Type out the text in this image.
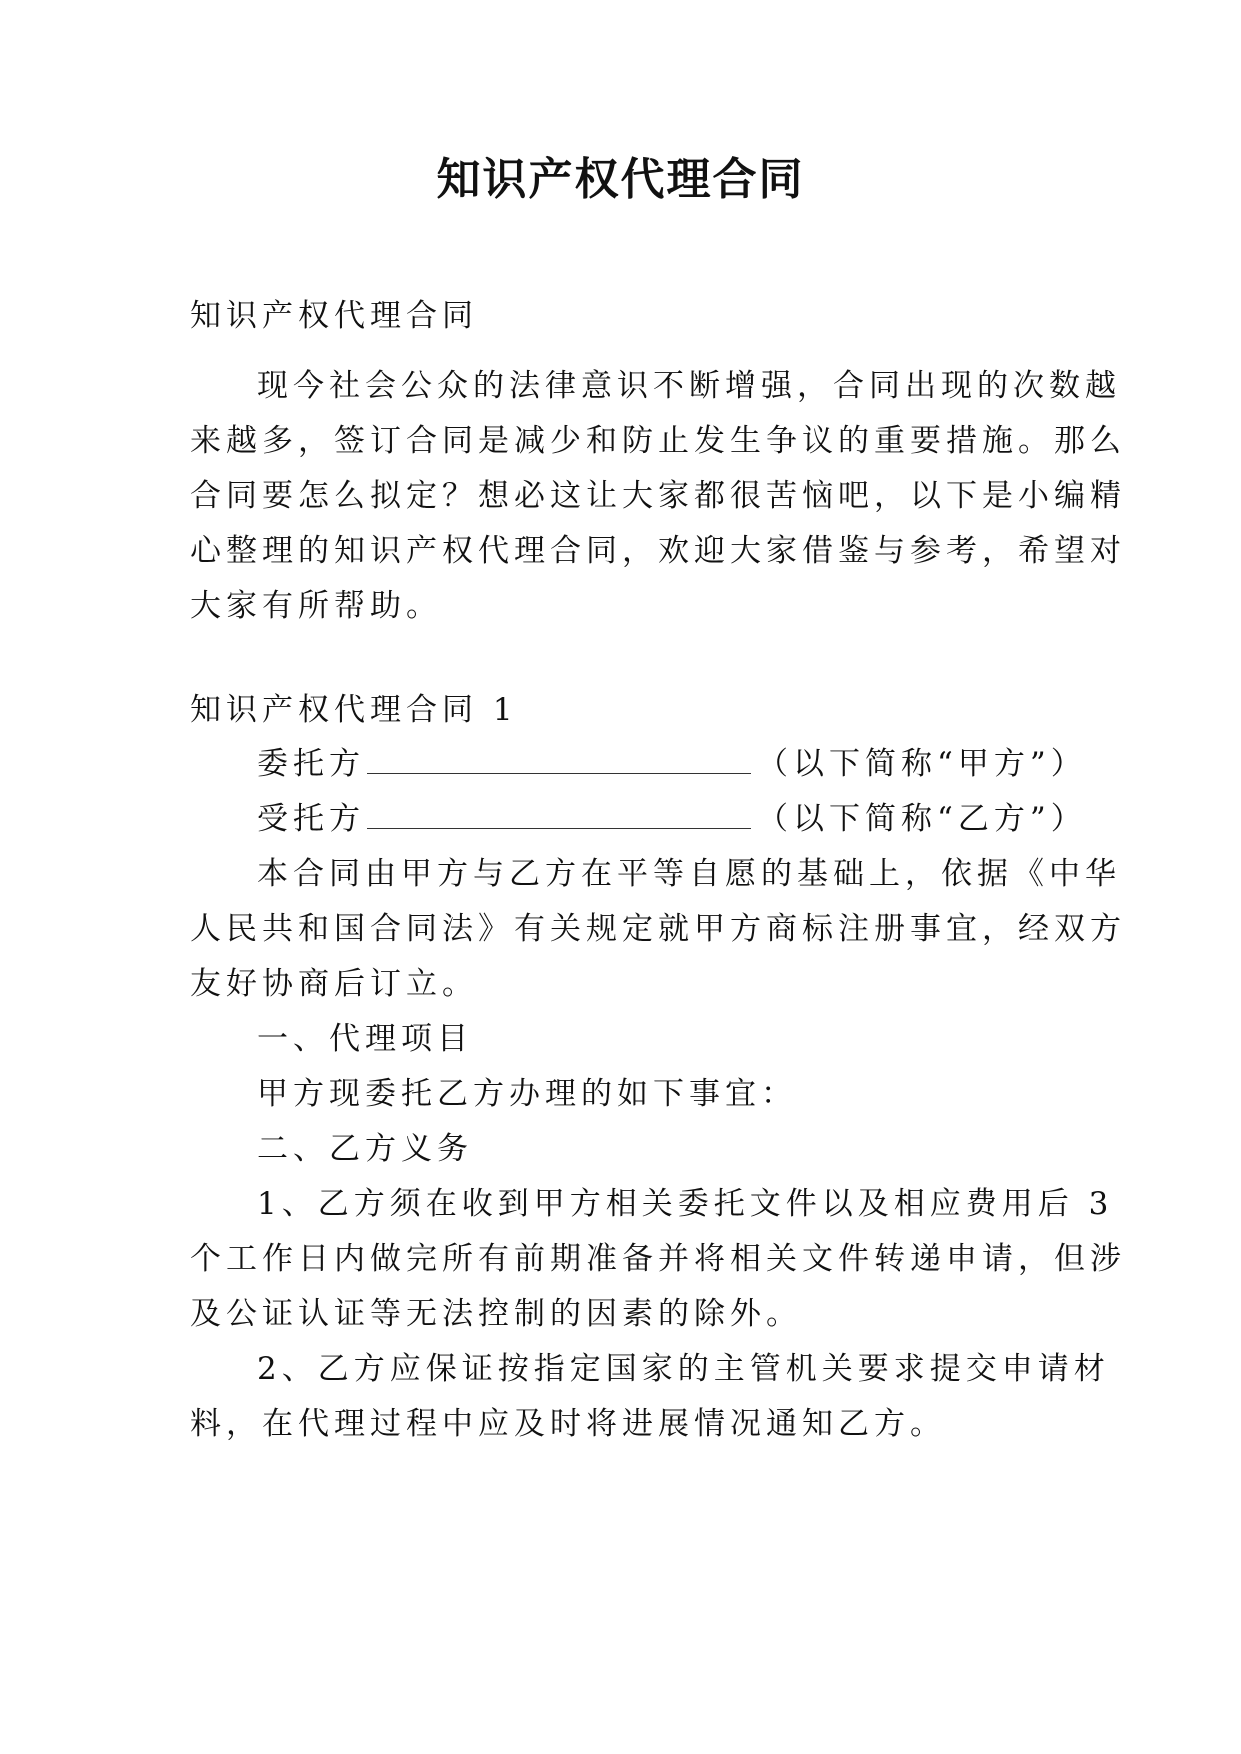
知识产权代理合同
知识产权代理合同
现今社会公众的法律意识不断增强，合同出现的次数越
来越多，签订合同是减少和防止发生争议的重要措施。那么
合同要怎么拟定？想必这让大家都很苦恼吧，以下是小编精
心整理的知识产权代理合同，欢迎大家借鉴与参考，希望对
大家有所帮助。
知识产权代理合同 1
委托方	（以下简称“甲方”）
受托方	（以下简称“乙方”）
本合同由甲方与乙方在平等自愿的基础上，依据《中华
人民共和国合同法》有关规定就甲方商标注册事宜，经双方
友好协商后订立。
一、代理项目
甲方现委托乙方办理的如下事宜：
二、乙方义务
1、乙方须在收到甲方相关委托文件以及相应费用后 3
个工作日内做完所有前期准备并将相关文件转递申请，但涉
及公证认证等无法控制的因素的除外。
2、乙方应保证按指定国家的主管机关要求提交申请材
料，在代理过程中应及时将进展情况通知乙方。
